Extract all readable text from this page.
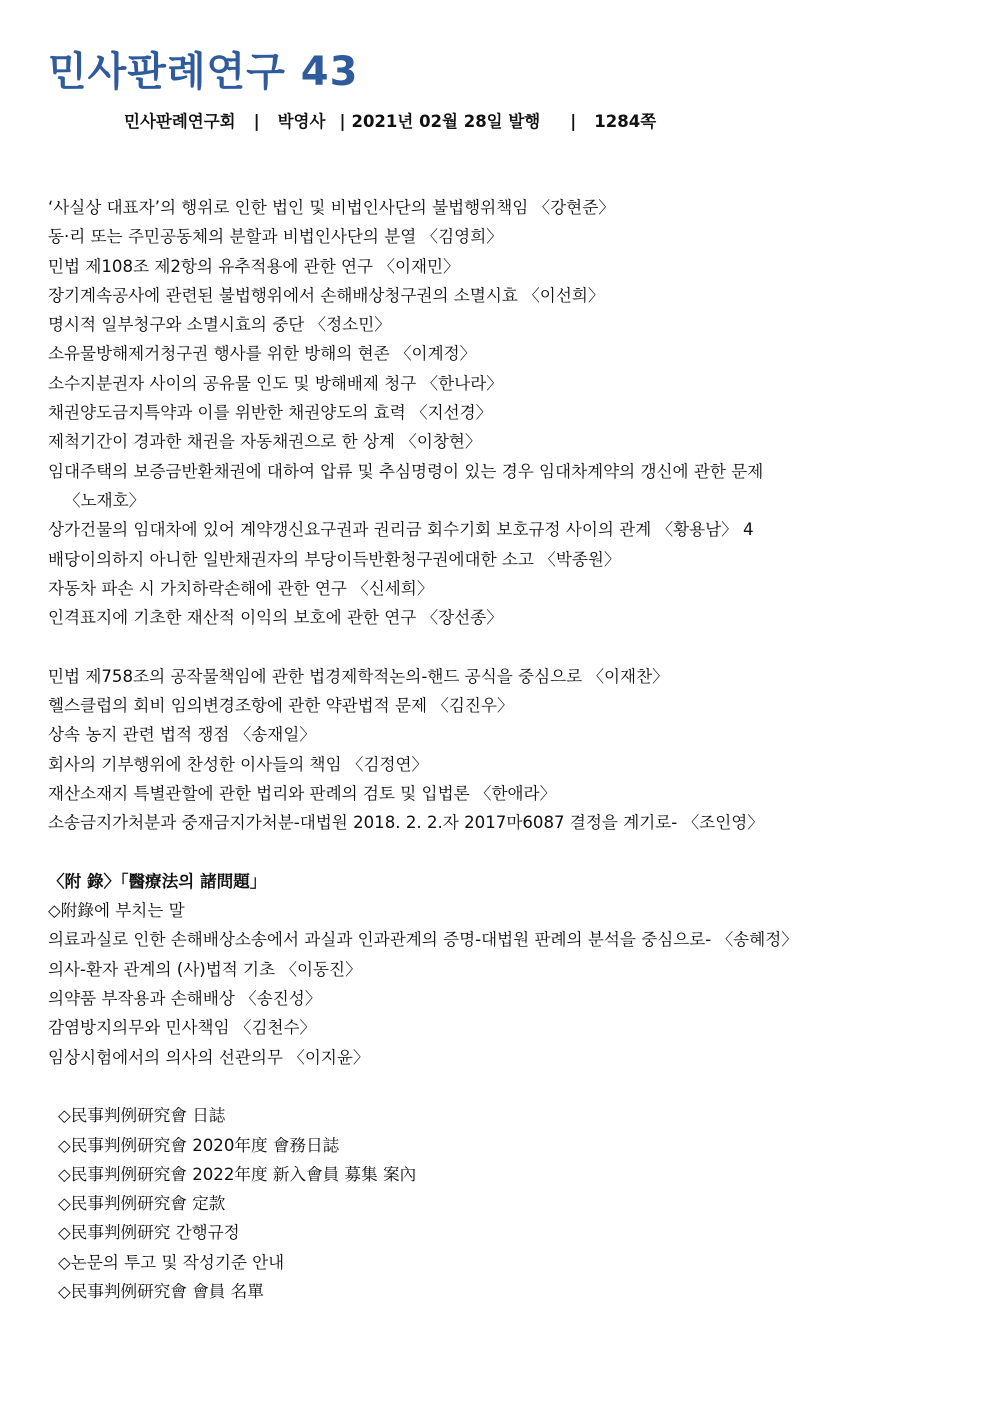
민사판례연구 43
민사판례연구회 | 박영사 | 2021년 02월 28일 발행 | 1284쪽
‘사실상 대표자’의 행위로 인한 법인 및 비법인사단의 불법행위책임 〈강현준〉
동·리 또는 주민공동체의 분할과 비법인사단의 분열 〈김영희〉
민법 제108조 제2항의 유추적용에 관한 연구 〈이재민〉
장기계속공사에 관련된 불법행위에서 손해배상청구권의 소멸시효 〈이선희〉
명시적 일부청구와 소멸시효의 중단 〈정소민〉
소유물방해제거청구권 행사를 위한 방해의 현존 〈이계정〉
소수지분권자 사이의 공유물 인도 및 방해배제 청구 〈한나라〉
채권양도금지특약과 이를 위반한 채권양도의 효력 〈지선경〉
제척기간이 경과한 채권을 자동채권으로 한 상계 〈이창현〉
임대주택의 보증금반환채권에 대하여 압류 및 추심명령이 있는 경우 임대차계약의 갱신에 관한 문제
〈노재호〉
상가건물의 임대차에 있어 계약갱신요구권과 권리금 회수기회 보호규정 사이의 관계 〈황용남〉 4
배당이의하지 아니한 일반채권자의 부당이득반환청구권에대한 소고 〈박종원〉
자동차 파손 시 가치하락손해에 관한 연구 〈신세희〉
인격표지에 기초한 재산적 이익의 보호에 관한 연구 〈장선종〉
민법 제758조의 공작물책임에 관한 법경제학적논의-핸드 공식을 중심으로 〈이재찬〉
헬스클럽의 회비 임의변경조항에 관한 약관법적 문제 〈김진우〉
상속 농지 관련 법적 쟁점 〈송재일〉
회사의 기부행위에 찬성한 이사들의 책임 〈김정연〉
재산소재지 특별관할에 관한 법리와 판례의 검토 및 입법론 〈한애라〉
소송금지가처분과 중재금지가처분-대법원 2018. 2. 2.자 2017마6087 결정을 계기로- 〈조인영〉
〈附 錄〉「醫療法의 諸問題」
◇附錄에 부치는 말
의료과실로 인한 손해배상소송에서 과실과 인과관계의 증명-대법원 판례의 분석을 중심으로- 〈송혜정〉
의사-환자 관계의 (사)법적 기초 〈이동진〉
의약품 부작용과 손해배상 〈송진성〉
감염방지의무와 민사책임 〈김천수〉
임상시험에서의 의사의 선관의무 〈이지윤〉
◇民事判例研究會 日誌
◇民事判例研究會 2020年度 會務日誌
◇民事判例研究會 2022年度 新入會員 募集 案內
◇民事判例研究會 定款
◇民事判例研究 간행규정
◇논문의 투고 및 작성기준 안내
◇民事判例研究會 會員 名單
